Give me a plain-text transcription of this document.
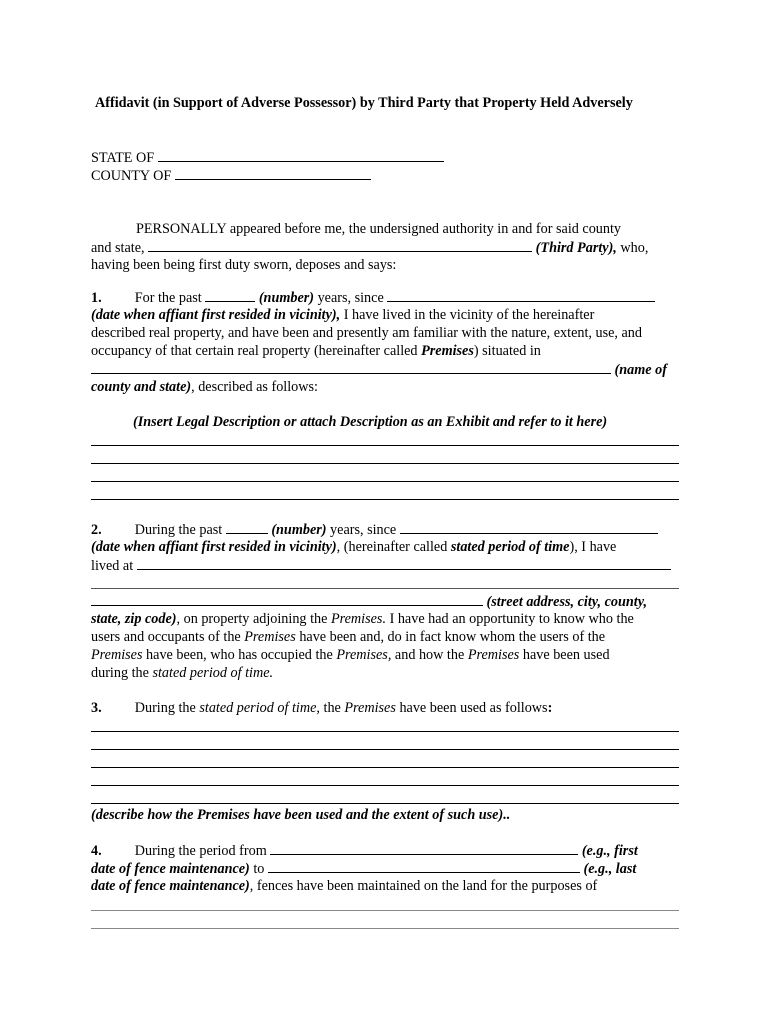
Affidavit (in Support of Adverse Possessor) by Third Party that Property Held Adversely
STATE OF
COUNTY OF
PERSONALLY appeared before me, the undersigned authority in and for said county
and state,	(Third Party), who,
having been being first duty sworn, deposes and says:
1. For the past	(number) years, since
(date when affiant first resided in vicinity), I have lived in the vicinity of the hereinafter
described real property, and have been and presently am familiar with the nature, extent, use, and
occupancy of that certain real property (hereinafter called Premises) situated in
(name of
county and state), described as follows:
(Insert Legal Description or attach Description as an Exhibit and refer to it here)
2. During the past	(number) years, since
(date when affiant first resided in vicinity), (hereinafter called stated period of time), I have
lived at
(street address, city, county,
state, zip code), on property adjoining the Premises. I have had an opportunity to know who the
users and occupants of the Premises have been and, do in fact know whom the users of the
Premises have been, who has occupied the Premises, and how the Premises have been used
during the stated period of time.
3. During the stated period of time, the Premises have been used as follows:
(describe how the Premises have been used and the extent of such use)..
4. During the period from	(e.g., first
date of fence maintenance) to	(e.g., last
date of fence maintenance), fences have been maintained on the land for the purposes of
